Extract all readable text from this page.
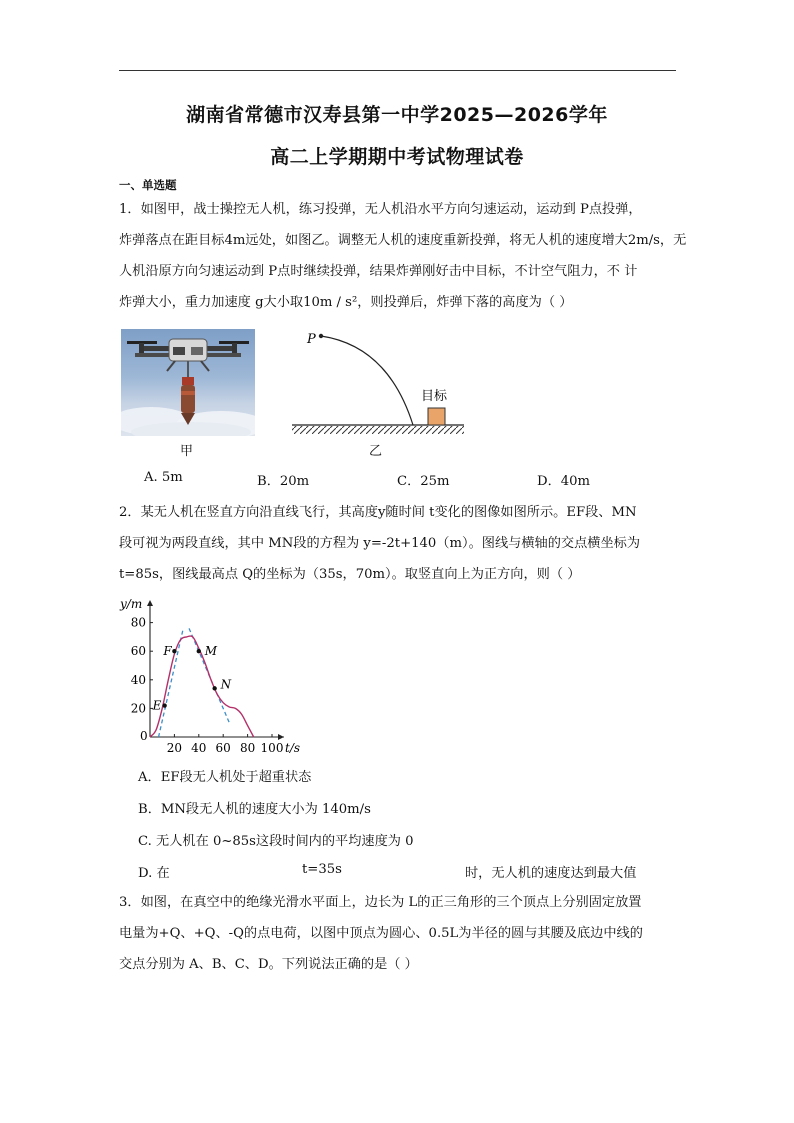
湖南省常德市汉寿县第一中学2025—2026学年
高二上学期期中考试物理试卷
一、单选题
1．如图甲，战士操控无人机，练习投弹，无人机沿水平方向匀速运动，运动到 P点投弹，
炸弹落点在距目标4m远处，如图乙。调整无人机的速度重新投弹，将无人机的速度增大2m/s，无
人机沿原方向匀速运动到 P点时继续投弹，结果炸弹刚好击中目标，不计空气阻力，不 计
炸弹大小，重力加速度 g大小取10m / s²，则投弹后，炸弹下落的高度为（ ）
甲
P
目标
乙
A. 5m	B．20m	C．25m	D．40m
2．某无人机在竖直方向沿直线飞行，其高度y随时间 t变化的图像如图所示。EF段、MN
段可视为两段直线，其中 MN段的方程为 y=-2t+140（m）。图线与横轴的交点横坐标为
t=85s，图线最高点 Q的坐标为（35s，70m）。取竖直向上为正方向，则（ ）
20 40 60 80 100
20
40
60
80
E
F	M
N
y/m
t/s
0
A．EF段无人机处于超重状态
B．MN段无人机的速度大小为 140m/s
C. 无人机在 0~85s这段时间内的平均速度为 0
D. 在	t=35s	时，无人机的速度达到最大值
3．如图，在真空中的绝缘光滑水平面上，边长为 L的正三角形的三个顶点上分别固定放置
电量为+Q、+Q、-Q的点电荷，以图中顶点为圆心、0.5L为半径的圆与其腰及底边中线的
交点分别为 A、B、C、D。下列说法正确的是（ ）
